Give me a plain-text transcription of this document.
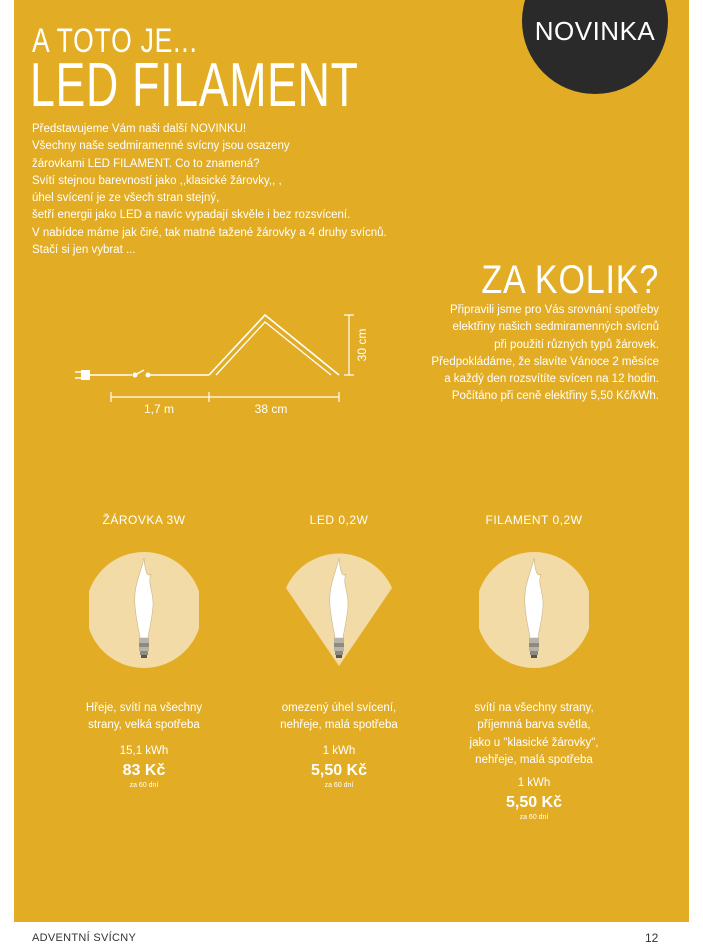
NOVINKA
A TOTO JE...
LED FILAMENT
Představujeme Vám naši další NOVINKU!
Všechny naše sedmiramenné svícny jsou osazeny
žárovkami LED FILAMENT. Co to znamená?
Svítí stejnou barevností jako ,,klasické žárovky,, ,
úhel svícení je ze všech stran stejný,
šetří energii jako LED a navíc vypadají skvěle i bez rozsvícení.
V nabídce máme jak čiré, tak matné tažené žárovky a 4 druhy svícnů.
Stačí si jen vybrat ...
1,7 m	38 cm
30 cm
ZA KOLIK?
Připravili jsme pro Vás srovnání spotřeby
elektřiny našich sedmiramenných svícnů
při použití různých typů žárovek.
Předpokládáme, že slavíte Vánoce 2 měsíce
a každý den rozsvítíte svícen na 12 hodin.
Počítáno při ceně elektřiny 5,50 Kč/kWh.
ŽÁROVKA 3W	LED 0,2W	FILAMENT 0,2W
Hřeje, svítí na všechny
strany, velká spotřeba
15,1 kWh
83 Kč
za 60 dní
omezený úhel svícení,
nehřeje, malá spotřeba
1 kWh
5,50 Kč
za 60 dní
svítí na všechny strany,
příjemná barva světla,
jako u "klasické žárovky",
nehřeje, malá spotřeba
1 kWh
5,50 Kč
za 60 dní
ADVENTNÍ SVÍCNY	12
